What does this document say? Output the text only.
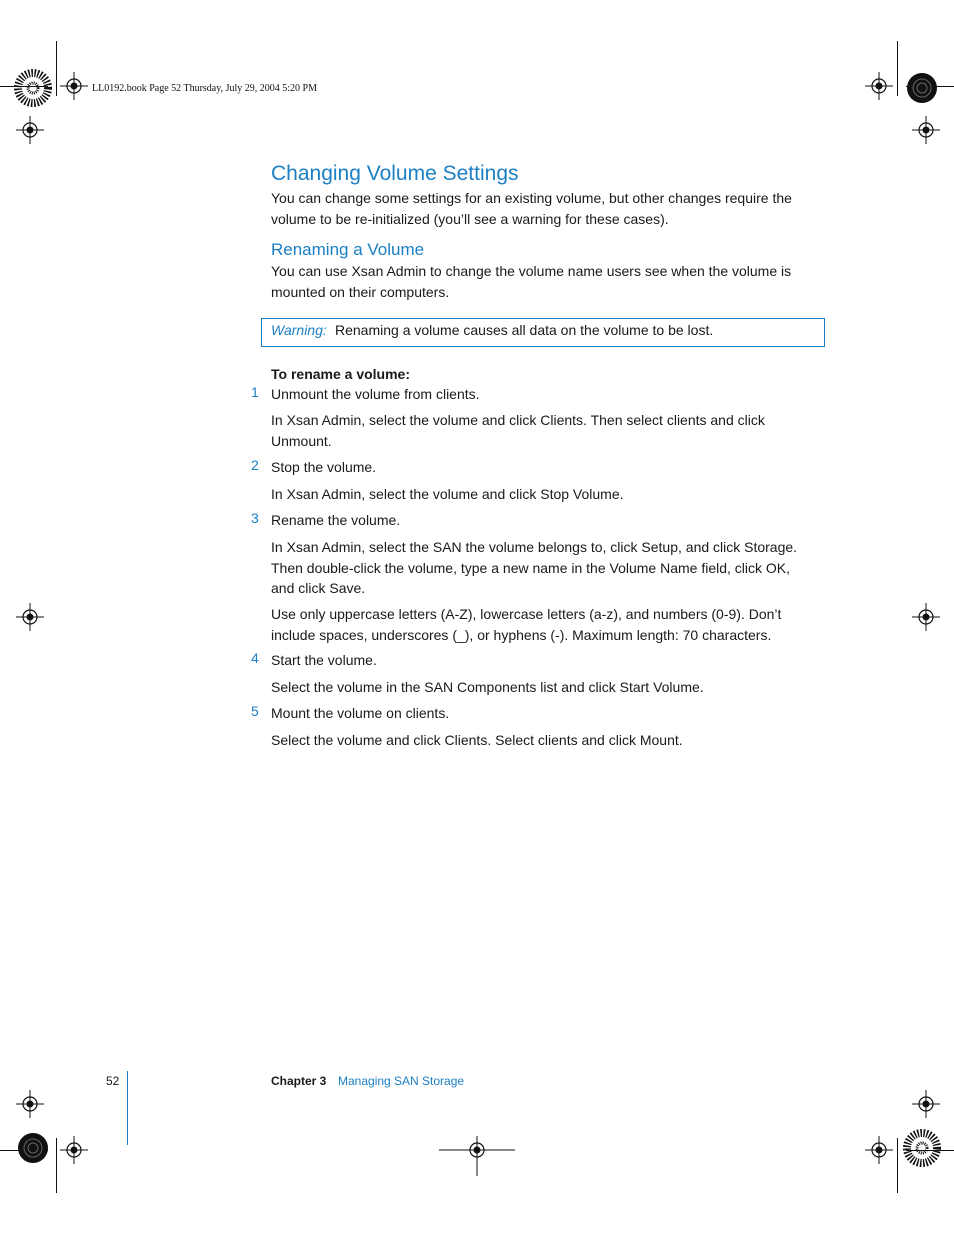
LL0192.book Page 52 Thursday, July 29, 2004 5:20 PM
Changing Volume Settings
You can change some settings for an existing volume, but other changes require the volume to be re-initialized (you’ll see a warning for these cases).
Renaming a Volume
You can use Xsan Admin to change the volume name users see when the volume is mounted on their computers.
Warning: Renaming a volume causes all data on the volume to be lost.
To rename a volume:
1 Unmount the volume from clients.
In Xsan Admin, select the volume and click Clients. Then select clients and click Unmount.
2 Stop the volume.
In Xsan Admin, select the volume and click Stop Volume.
3 Rename the volume.
In Xsan Admin, select the SAN the volume belongs to, click Setup, and click Storage. Then double-click the volume, type a new name in the Volume Name field, click OK, and click Save.
Use only uppercase letters (A-Z), lowercase letters (a-z), and numbers (0-9). Don’t include spaces, underscores (_), or hyphens (-). Maximum length: 70 characters.
4 Start the volume.
Select the volume in the SAN Components list and click Start Volume.
5 Mount the volume on clients.
Select the volume and click Clients. Select clients and click Mount.
52	Chapter 3 Managing SAN Storage
